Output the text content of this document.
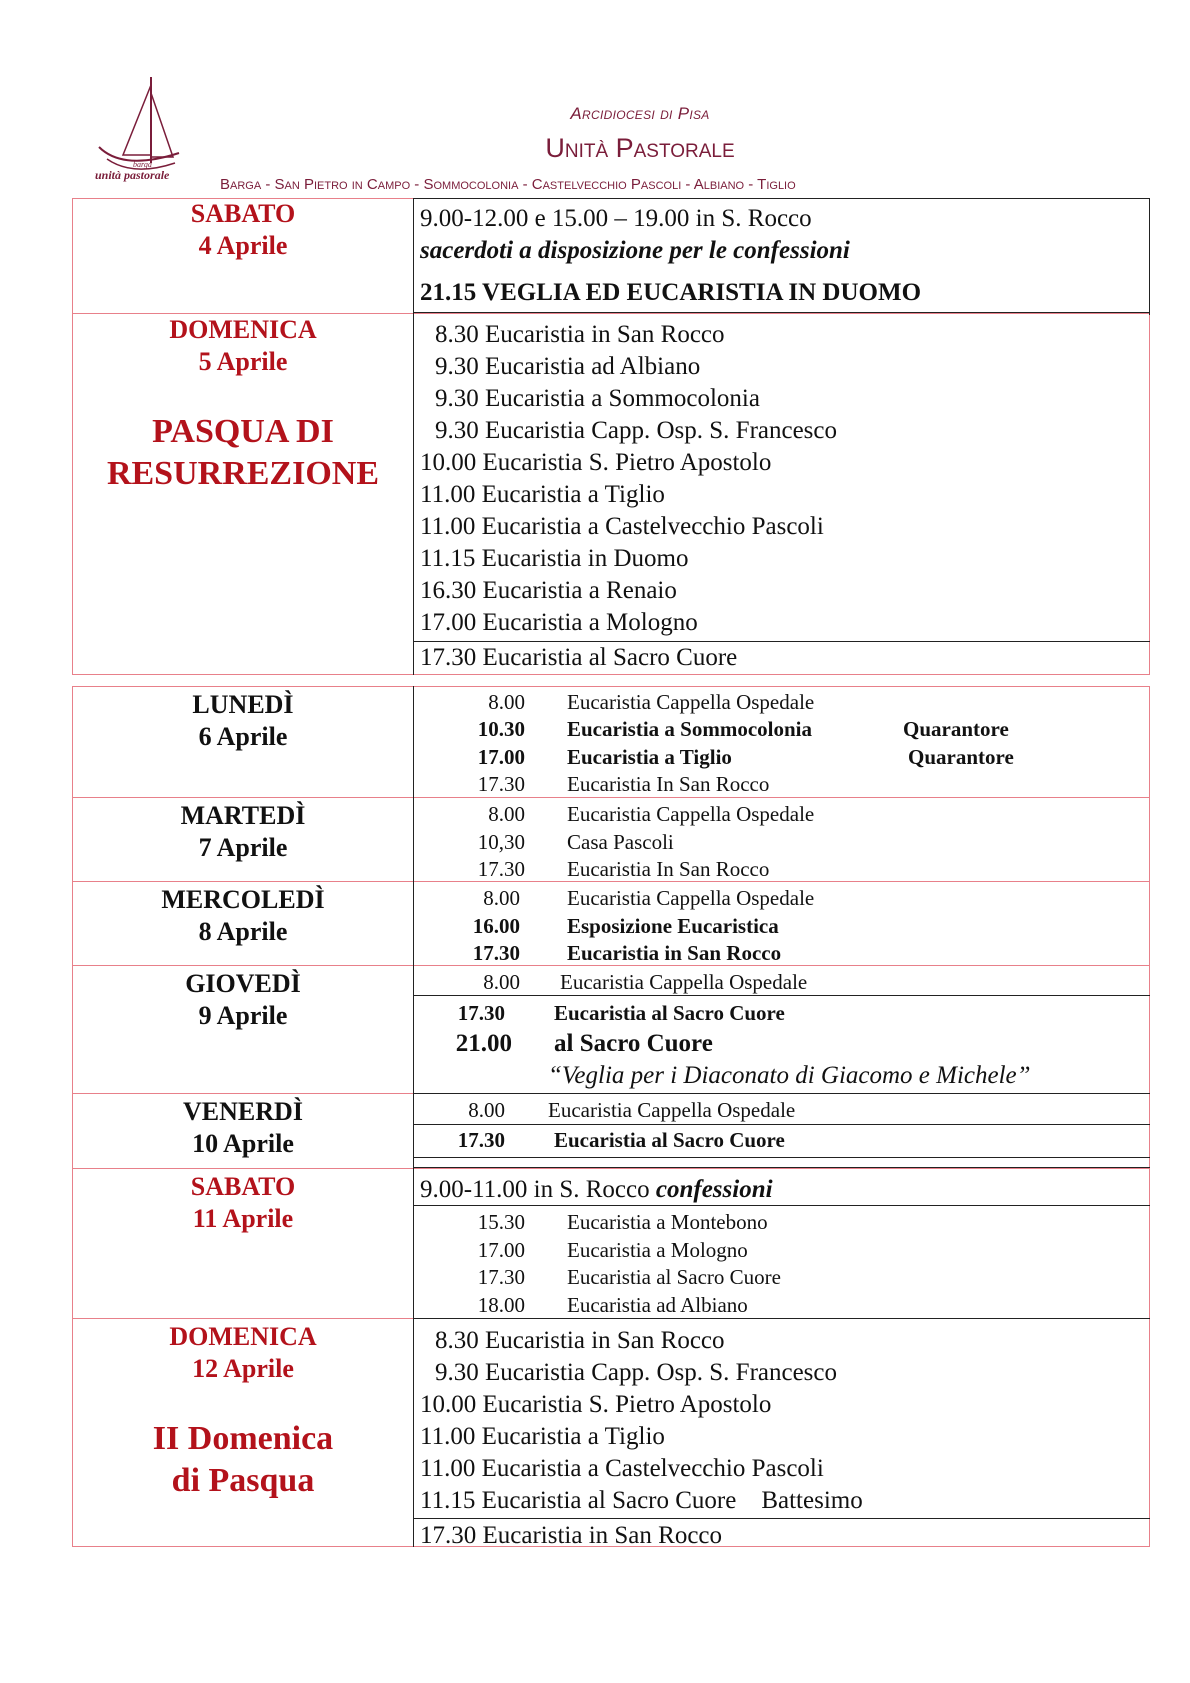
barga
unità pastorale
Arcidiocesi di Pisa
Unità Pastorale
Barga - San Pietro in Campo - Sommocolonia - Castelvecchio Pascoli - Albiano - Tiglio
SABATO
4 Aprile
9.00-12.00 e 15.00 – 19.00 in S. Rocco
sacerdoti a disposizione per le confessioni
21.15 VEGLIA ED EUCARISTIA IN DUOMO
DOMENICA
5 Aprile
PASQUA DI
RESURREZIONE
8.30 Eucaristia in San Rocco
9.30 Eucaristia ad Albiano
9.30 Eucaristia a Sommocolonia
9.30 Eucaristia Capp. Osp. S. Francesco
10.00 Eucaristia S. Pietro Apostolo
11.00 Eucaristia a Tiglio
11.00 Eucaristia a Castelvecchio Pascoli
11.15 Eucaristia in Duomo
16.30 Eucaristia a Renaio
17.00 Eucaristia a Mologno
17.30 Eucaristia al Sacro Cuore
LUNEDÌ
6 Aprile
8.00 Eucaristia Cappella Ospedale
10.30 Eucaristia a Sommocolonia	Quarantore
17.00 Eucaristia a Tiglio	Quarantore
17.30 Eucaristia In San Rocco
MARTEDÌ
7 Aprile
8.00 Eucaristia Cappella Ospedale
10,30 Casa Pascoli
17.30 Eucaristia In San Rocco
MERCOLEDÌ
8 Aprile
8.00 Eucaristia Cappella Ospedale
16.00 Esposizione Eucaristica
17.30 Eucaristia in San Rocco
GIOVEDÌ
9 Aprile
8.00 Eucaristia Cappella Ospedale
17.30 Eucaristia al Sacro Cuore
21.00 al Sacro Cuore
“Veglia per i Diaconato di Giacomo e Michele”
VENERDÌ
10 Aprile
8.00 Eucaristia Cappella Ospedale
17.30 Eucaristia al Sacro Cuore
SABATO
11 Aprile
9.00-11.00 in S. Rocco confessioni
15.30 Eucaristia a Montebono
17.00 Eucaristia a Mologno
17.30 Eucaristia al Sacro Cuore
18.00 Eucaristia ad Albiano
DOMENICA
12 Aprile
II Domenica
di Pasqua
8.30 Eucaristia in San Rocco
9.30 Eucaristia Capp. Osp. S. Francesco
10.00 Eucaristia S. Pietro Apostolo
11.00 Eucaristia a Tiglio
11.00 Eucaristia a Castelvecchio Pascoli
11.15 Eucaristia al Sacro Cuore    Battesimo
17.30 Eucaristia in San Rocco
